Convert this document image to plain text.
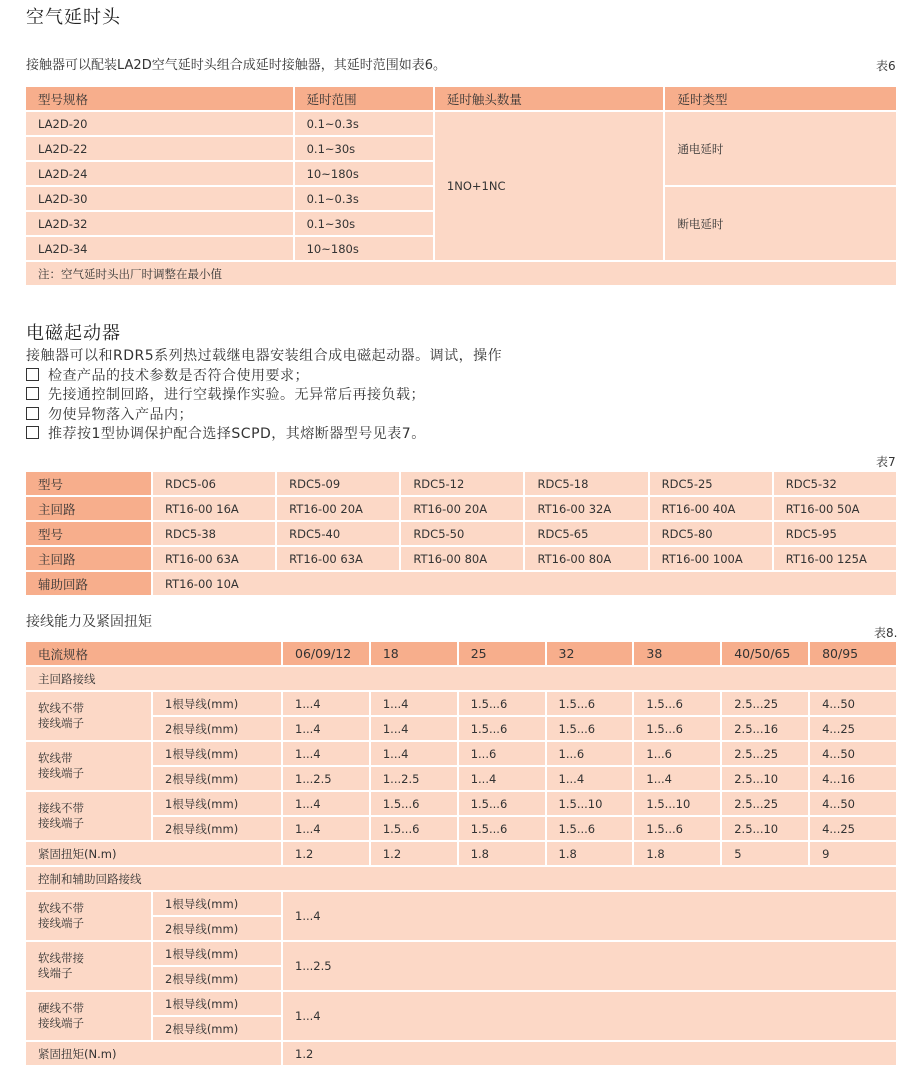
空气延时头
接触器可以配装LA2D空气延时头组合成延时接触器，其延时范围如表6。	表6
型号规格	延时范围	延时触头数量	延时类型
LA2D-20	0.1~0.3s	1NO+1NC	通电延时
LA2D-22	0.1~30s		
LA2D-24	10~180s		
LA2D-30	0.1~0.3s		断电延时
LA2D-32	0.1~30s		
LA2D-34	10~180s		
注：空气延时头出厂时调整在最小值			
电磁起动器
接触器可以和RDR5系列热过载继电器安装组合成电磁起动器。调试，操作
检查产品的技术参数是否符合使用要求；
先接通控制回路，进行空载操作实验。无异常后再接负载；
勿使异物落入产品内；
推荐按1型协调保护配合选择SCPD，其熔断器型号见表7。
表7
型号	RDC5-06	RDC5-09	RDC5-12	RDC5-18	RDC5-25	RDC5-32
主回路	RT16-00 16A	RT16-00 20A	RT16-00 20A	RT16-00 32A	RT16-00 40A	RT16-00 50A
型号	RDC5-38	RDC5-40	RDC5-50	RDC5-65	RDC5-80	RDC5-95
主回路	RT16-00 63A	RT16-00 63A	RT16-00 80A	RT16-00 80A	RT16-00 100A	RT16-00 125A
辅助回路	RT16-00 10A					
接线能力及紧固扭矩
表8.
电流规格		06/09/12	18	25	32	38	40/50/65	80/95
主回路接线								
软线不带
接线端子	1根导线(mm)	1...4	1...4	1.5...6	1.5...6	1.5...6	2.5...25	4...50
	2根导线(mm)	1...4	1...4	1.5...6	1.5...6	1.5...6	2.5...16	4...25
软线带
接线端子	1根导线(mm)	1...4	1...4	1...6	1...6	1...6	2.5...25	4...50
	2根导线(mm)	1...2.5	1...2.5	1...4	1...4	1...4	2.5...10	4...16
接线不带
接线端子	1根导线(mm)	1...4	1.5...6	1.5...6	1.5...10	1.5...10	2.5...25	4...50
	2根导线(mm)	1...4	1.5...6	1.5...6	1.5...6	1.5...6	2.5...10	4...25
紧固扭矩(N.m)		1.2	1.2	1.8	1.8	1.8	5	9
控制和辅助回路接线								
软线不带
接线端子	1根导线(mm)	1...4						
	2根导线(mm)							
软线带接
线端子	1根导线(mm)	1...2.5						
	2根导线(mm)							
硬线不带
接线端子	1根导线(mm)	1...4						
	2根导线(mm)							
紧固扭矩(N.m)		1.2						
